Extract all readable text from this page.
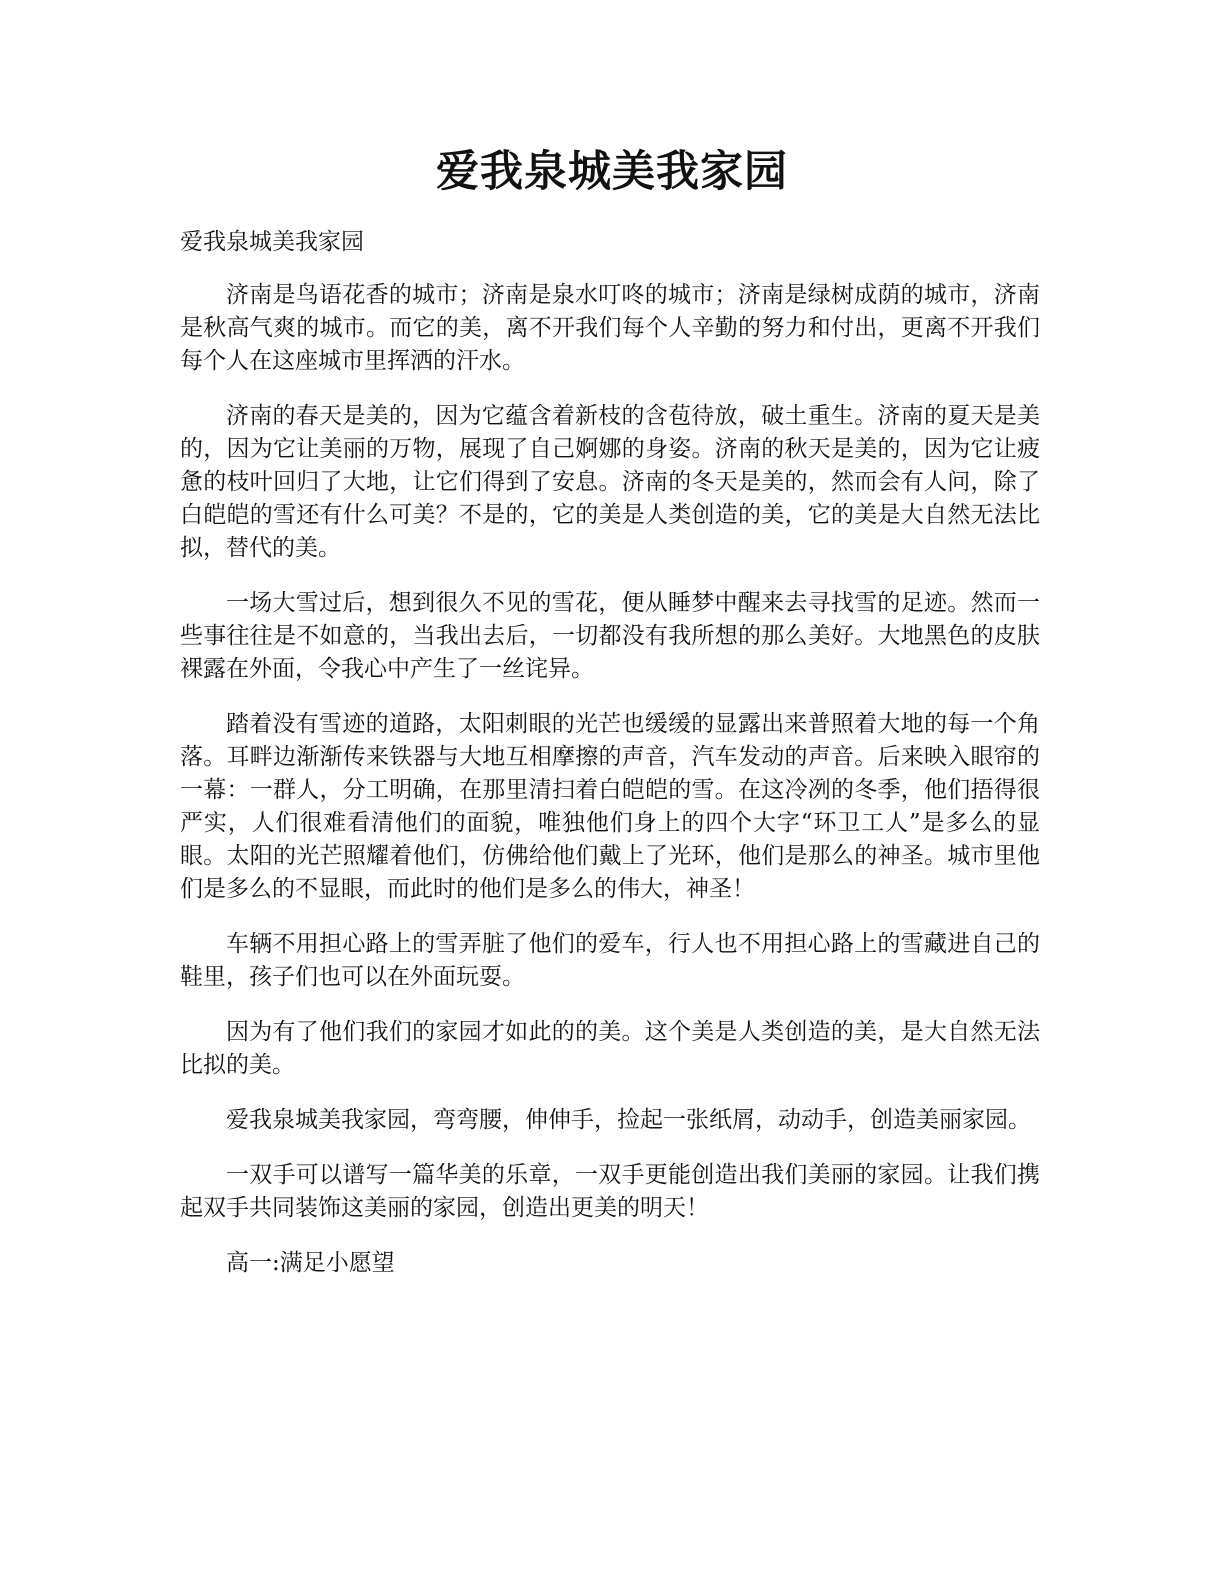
爱我泉城美我家园

爱我泉城美我家园

济南是鸟语花香的城市；济南是泉水叮咚的城市；济南是绿树成荫的城市，济南是秋高气爽的城市。而它的美，离不开我们每个人辛勤的努力和付出，更离不开我们每个人在这座城市里挥洒的汗水。

济南的春天是美的，因为它蕴含着新枝的含苞待放，破土重生。济南的夏天是美的，因为它让美丽的万物，展现了自己婀娜的身姿。济南的秋天是美的，因为它让疲惫的枝叶回归了大地，让它们得到了安息。济南的冬天是美的，然而会有人问，除了白皑皑的雪还有什么可美？不是的，它的美是人类创造的美，它的美是大自然无法比拟，替代的美。

一场大雪过后，想到很久不见的雪花，便从睡梦中醒来去寻找雪的足迹。然而一些事往往是不如意的，当我出去后，一切都没有我所想的那么美好。大地黑色的皮肤裸露在外面，令我心中产生了一丝诧异。

踏着没有雪迹的道路，太阳刺眼的光芒也缓缓的显露出来普照着大地的每一个角落。耳畔边渐渐传来铁器与大地互相摩擦的声音，汽车发动的声音。后来映入眼帘的一幕：一群人，分工明确，在那里清扫着白皑皑的雪。在这冷冽的冬季，他们捂得很严实，人们很难看清他们的面貌，唯独他们身上的四个大字“环卫工人”是多么的显眼。太阳的光芒照耀着他们，仿佛给他们戴上了光环，他们是那么的神圣。城市里他们是多么的不显眼，而此时的他们是多么的伟大，神圣！

车辆不用担心路上的雪弄脏了他们的爱车，行人也不用担心路上的雪藏进自己的鞋里，孩子们也可以在外面玩耍。

因为有了他们我们的家园才如此的的美。这个美是人类创造的美，是大自然无法比拟的美。

爱我泉城美我家园，弯弯腰，伸伸手，捡起一张纸屑，动动手，创造美丽家园。

一双手可以谱写一篇华美的乐章，一双手更能创造出我们美丽的家园。让我们携起双手共同装饰这美丽的家园，创造出更美的明天！

高一:满足小愿望
